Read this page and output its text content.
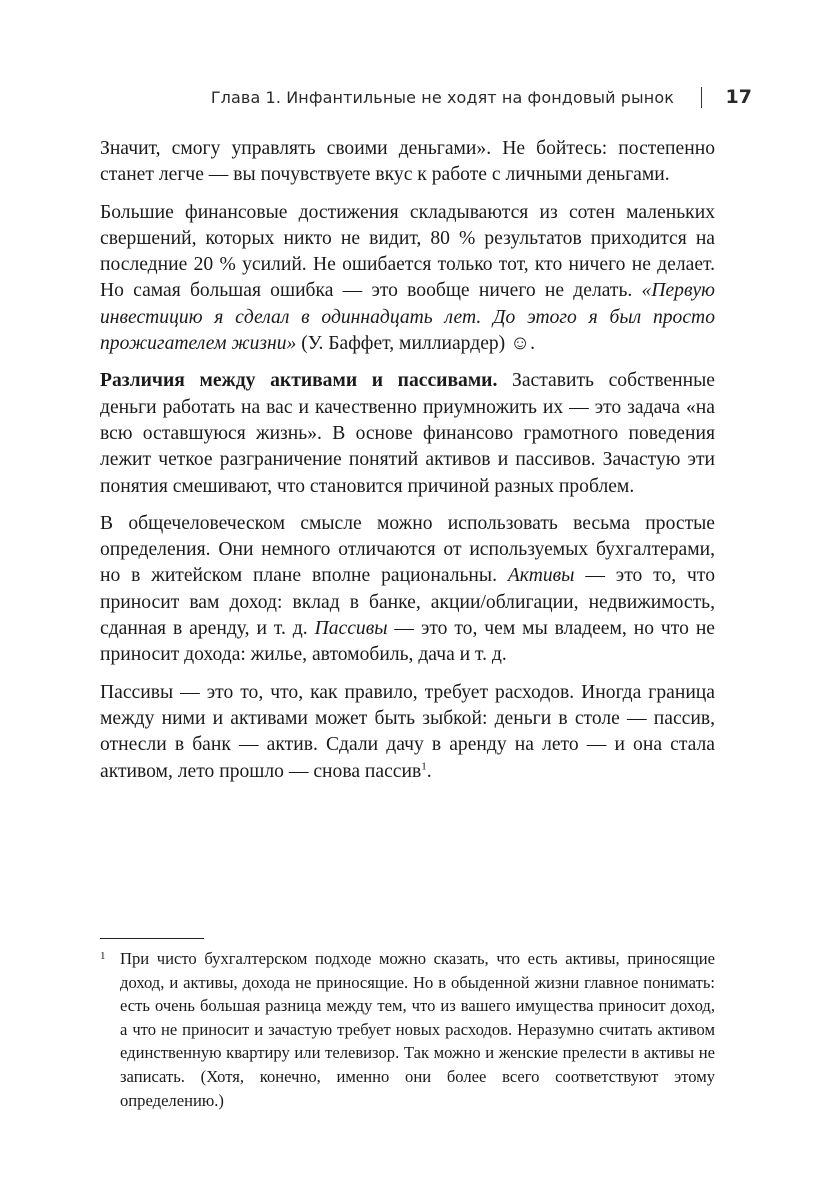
Глава 1. Инфантильные не ходят на фондовый рынок	17

Значит, смогу управлять своими деньгами». Не бойтесь: постепенно станет легче — вы почувствуете вкус к работе с личными деньгами.

Большие финансовые достижения складываются из сотен маленьких свершений, которых никто не видит, 80 % результатов приходится на последние 20 % усилий. Не ошибается только тот, кто ничего не делает. Но самая большая ошибка — это вообще ничего не делать. «Первую инвестицию я сделал в одиннадцать лет. До этого я был просто прожигателем жизни» (У. Баффет, миллиардер) ☺.

Различия между активами и пассивами. Заставить собственные деньги работать на вас и качественно приумножить их — это задача «на всю оставшуюся жизнь». В основе финансово грамотного поведения лежит четкое разграничение понятий активов и пассивов. Зачастую эти понятия смешивают, что становится причиной разных проблем.

В общечеловеческом смысле можно использовать весьма простые определения. Они немного отличаются от используемых бухгалтерами, но в житейском плане вполне рациональны. Активы — это то, что приносит вам доход: вклад в банке, акции/облигации, недвижимость, сданная в аренду, и т. д. Пассивы — это то, чем мы владеем, но что не приносит дохода: жилье, автомобиль, дача и т. д.

Пассивы — это то, что, как правило, требует расходов. Иногда граница между ними и активами может быть зыбкой: деньги в столе — пассив, отнесли в банк — актив. Сдали дачу в аренду на лето — и она стала активом, лето прошло — снова пассив$^1$.

1 При чисто бухгалтерском подходе можно сказать, что есть активы, приносящие доход, и активы, дохода не приносящие. Но в обыденной жизни главное понимать: есть очень большая разница между тем, что из вашего имущества приносит доход, а что не приносит и зачастую требует новых расходов. Неразумно считать активом единственную квартиру или телевизор. Так можно и женские прелести в активы не записать. (Хотя, конечно, именно они более всего соответствуют этому определению.)
